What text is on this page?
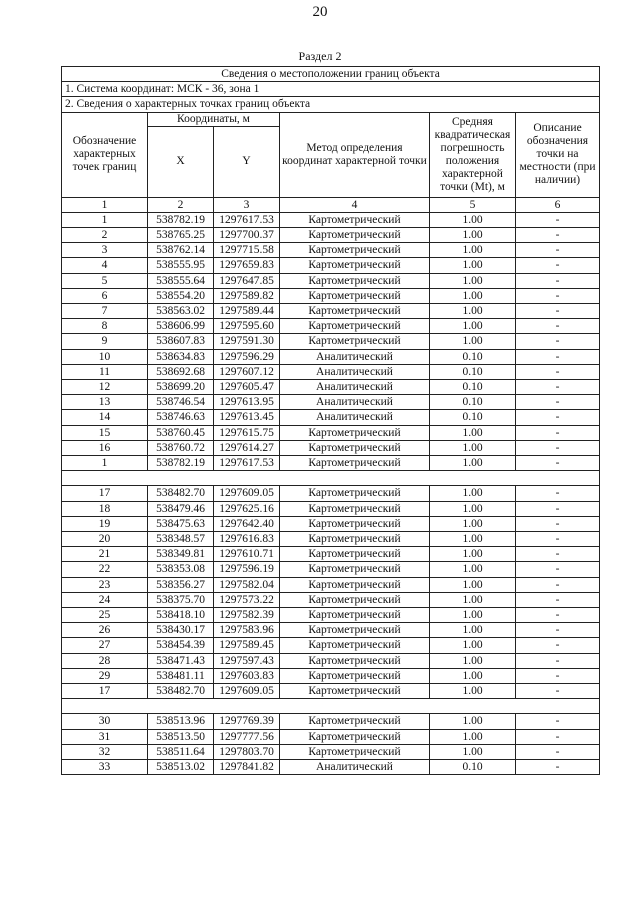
20
Раздел 2
Сведения о местоположении границ объекта					
1. Система координат: МСК - 36, зона 1					
2. Сведения о характерных точках границ объекта					
Обозначение характерных точек границ	Координаты, м		Метод определения координат характерной точки	Средняя квадратическая погрешность положения характерной точки (Mt), м	Описание обозначения точки на местности (при наличии)
	X	Y			
1	2	3	4	5	6
1	538782.19	1297617.53	Картометрический	1.00	-
2	538765.25	1297700.37	Картометрический	1.00	-
3	538762.14	1297715.58	Картометрический	1.00	-
4	538555.95	1297659.83	Картометрический	1.00	-
5	538555.64	1297647.85	Картометрический	1.00	-
6	538554.20	1297589.82	Картометрический	1.00	-
7	538563.02	1297589.44	Картометрический	1.00	-
8	538606.99	1297595.60	Картометрический	1.00	-
9	538607.83	1297591.30	Картометрический	1.00	-
10	538634.83	1297596.29	Аналитический	0.10	-
11	538692.68	1297607.12	Аналитический	0.10	-
12	538699.20	1297605.47	Аналитический	0.10	-
13	538746.54	1297613.95	Аналитический	0.10	-
14	538746.63	1297613.45	Аналитический	0.10	-
15	538760.45	1297615.75	Картометрический	1.00	-
16	538760.72	1297614.27	Картометрический	1.00	-
1	538782.19	1297617.53	Картометрический	1.00	-

17	538482.70	1297609.05	Картометрический	1.00	-
18	538479.46	1297625.16	Картометрический	1.00	-
19	538475.63	1297642.40	Картометрический	1.00	-
20	538348.57	1297616.83	Картометрический	1.00	-
21	538349.81	1297610.71	Картометрический	1.00	-
22	538353.08	1297596.19	Картометрический	1.00	-
23	538356.27	1297582.04	Картометрический	1.00	-
24	538375.70	1297573.22	Картометрический	1.00	-
25	538418.10	1297582.39	Картометрический	1.00	-
26	538430.17	1297583.96	Картометрический	1.00	-
27	538454.39	1297589.45	Картометрический	1.00	-
28	538471.43	1297597.43	Картометрический	1.00	-
29	538481.11	1297603.83	Картометрический	1.00	-
17	538482.70	1297609.05	Картометрический	1.00	-

30	538513.96	1297769.39	Картометрический	1.00	-
31	538513.50	1297777.56	Картометрический	1.00	-
32	538511.64	1297803.70	Картометрический	1.00	-
33	538513.02	1297841.82	Аналитический	0.10	-
